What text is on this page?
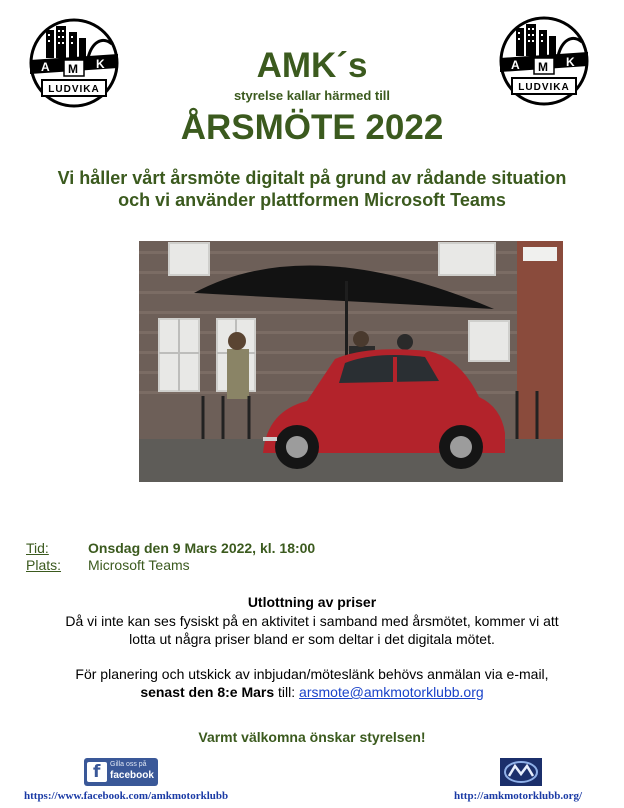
A M K
LUDVIKA
A M K
LUDVIKA
AMK´s
styrelse kallar härmed till
ÅRSMÖTE 2022
Vi håller vårt årsmöte digitalt på grund av rådande situation
och vi använder plattformen Microsoft Teams
Tid:	Onsdag den 9 Mars 2022, kl. 18:00
Plats: Microsoft Teams
Utlottning av priser
Då vi inte kan ses fysiskt på en aktivitet i samband med årsmötet, kommer vi att
lotta ut några priser bland er som deltar i det digitala mötet.
För planering och utskick av inbjudan/möteslänk behövs anmälan via e-mail,
senast den 8:e Mars till: arsmote@amkmotorklubb.org
Varmt välkomna önskar styrelsen!
f Gilla oss på
facebook
https://www.facebook.com/amkmotorklubb	http://amkmotorklubb.org/
